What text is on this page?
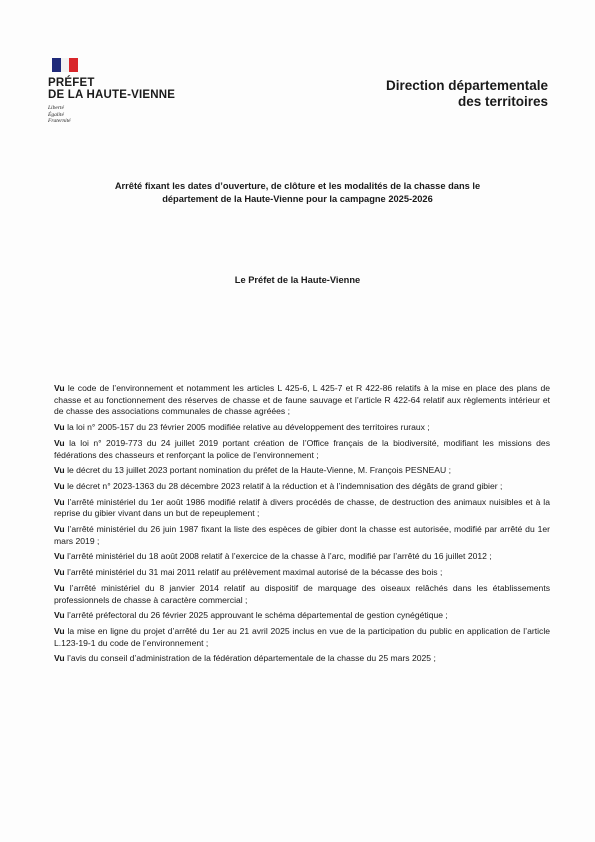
PRÉFET
DE LA HAUTE-VIENNE
Liberté
Égalité
Fraternité
Direction départementale
des territoires
Arrêté fixant les dates d’ouverture, de clôture et les modalités de la chasse dans le
département de la Haute-Vienne pour la campagne 2025-2026
Le Préfet de la Haute-Vienne
Vu le code de l’environnement et notamment les articles L 425-6, L 425-7 et R 422-86 relatifs à la mise en place des plans de chasse et au fonctionnement des réserves de chasse et de faune sauvage et l’article R 422-64 relatif aux règlements intérieur et de chasse des associations communales de chasse agréées ;
Vu la loi n° 2005-157 du 23 février 2005 modifiée relative au développement des territoires ruraux ;
Vu la loi n° 2019-773 du 24 juillet 2019 portant création de l’Office français de la biodiversité, modifiant les missions des fédérations des chasseurs et renforçant la police de l’environnement ;
Vu le décret du 13 juillet 2023 portant nomination du préfet de la Haute-Vienne, M. François PESNEAU ;
Vu le décret n° 2023-1363 du 28 décembre 2023 relatif à la réduction et à l’indemnisation des dégâts de grand gibier ;
Vu l’arrêté ministériel du 1er août 1986 modifié relatif à divers procédés de chasse, de destruction des animaux nuisibles et à la reprise du gibier vivant dans un but de repeuplement ;
Vu l’arrêté ministériel du 26 juin 1987 fixant la liste des espèces de gibier dont la chasse est autorisée, modifié par arrêté du 1er mars 2019 ;
Vu l’arrêté ministériel du 18 août 2008 relatif à l’exercice de la chasse à l’arc, modifié par l’arrêté du 16 juillet 2012 ;
Vu l’arrêté ministériel du 31 mai 2011 relatif au prélèvement maximal autorisé de la bécasse des bois ;
Vu l’arrêté ministériel du 8 janvier 2014 relatif au dispositif de marquage des oiseaux relâchés dans les établissements professionnels de chasse à caractère commercial ;
Vu l’arrêté préfectoral du 26 février 2025 approuvant le schéma départemental de gestion cynégétique ;
Vu la mise en ligne du projet d’arrêté du 1er au 21 avril 2025 inclus en vue de la participation du public en application de l’article L.123-19-1 du code de l’environnement ;
Vu l’avis du conseil d’administration de la fédération départementale de la chasse du 25 mars 2025 ;
